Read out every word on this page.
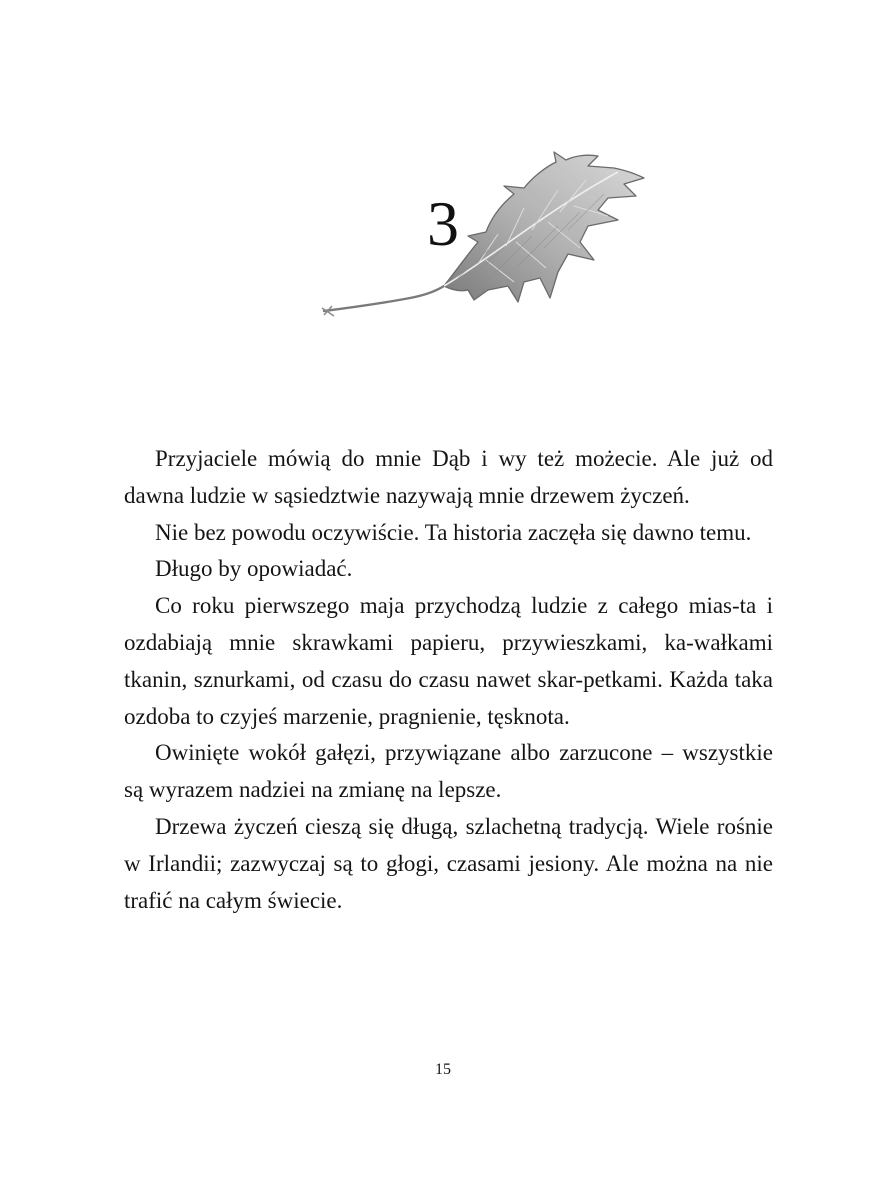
3

Przyjaciele mówią do mnie Dąb i wy też możecie. Ale już od dawna ludzie w sąsiedztwie nazywają mnie drzewem życzeń.

Nie bez powodu oczywiście. Ta historia zaczęła się dawno temu.

Długo by opowiadać.

Co roku pierwszego maja przychodzą ludzie z całego mias-ta i ozdabiają mnie skrawkami papieru, przywieszkami, ka-wałkami tkanin, sznurkami, od czasu do czasu nawet skar-petkami. Każda taka ozdoba to czyjeś marzenie, pragnienie, tęsknota.

Owinięte wokół gałęzi, przywiązane albo zarzucone – wszystkie są wyrazem nadziei na zmianę na lepsze.

Drzewa życzeń cieszą się długą, szlachetną tradycją. Wiele rośnie w Irlandii; zazwyczaj są to głogi, czasami jesiony. Ale można na nie trafić na całym świecie.

15
